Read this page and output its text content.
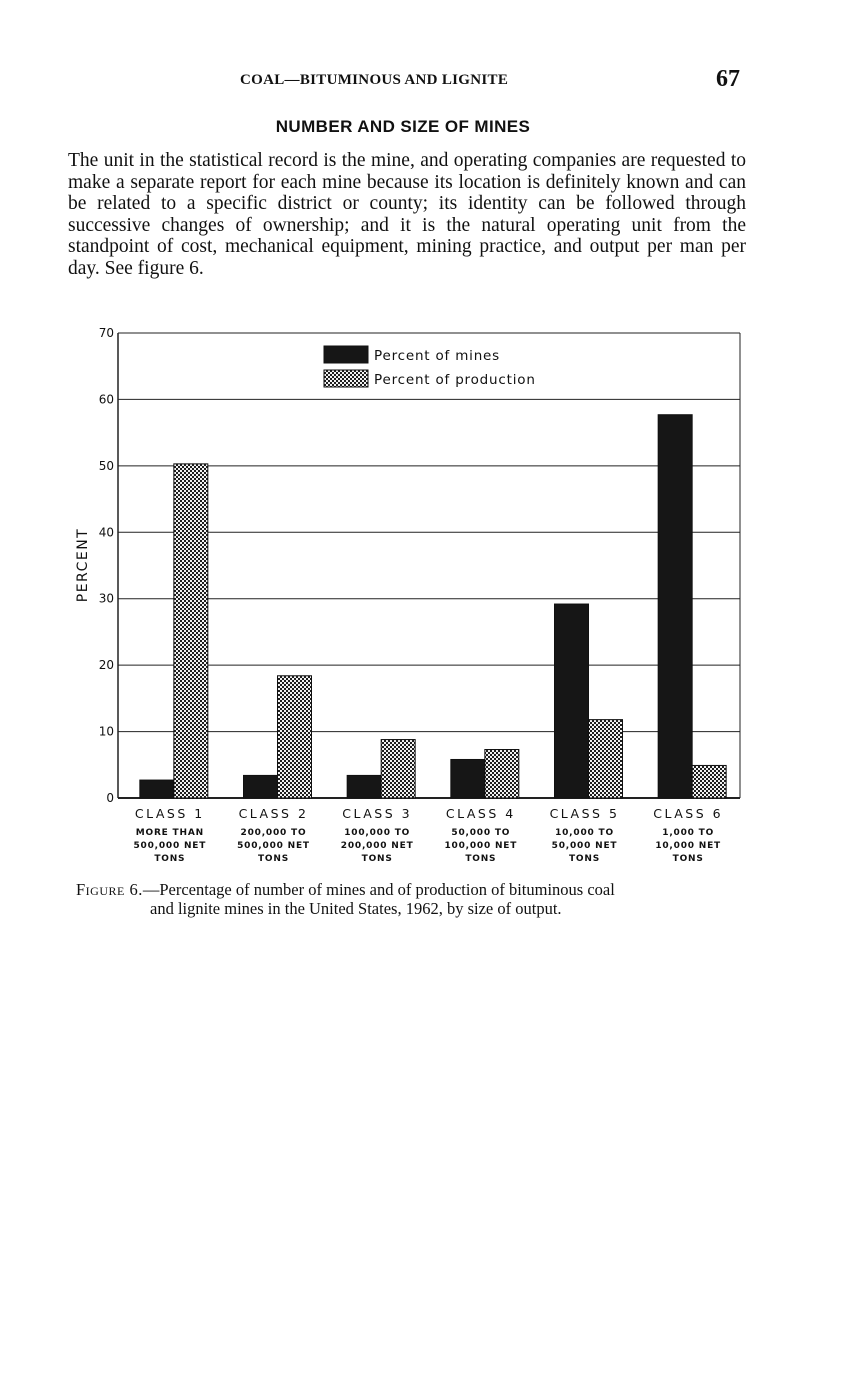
COAL—BITUMINOUS AND LIGNITE	67
NUMBER AND SIZE OF MINES

The unit in the statistical record is the mine, and operating companies are requested to make a separate report for each mine because its location is definitely known and can be related to a specific district or county; its identity can be followed through successive changes of ownership; and it is the natural operating unit from the standpoint of cost, mechanical equipment, mining practice, and output per man per day. See figure 6.

0
10
20
30
40
50
60
70
CLASS 1
MORE THAN
500,000 NET
TONS
CLASS 2
200,000 TO
500,000 NET
TONS
CLASS 3
100,000 TO
200,000 NET
TONS
CLASS 4
50,000 TO
100,000 NET
TONS
CLASS 5
10,000 TO
50,000 NET
TONS
CLASS 6
1,000 TO
10,000 NET
TONS
Percent of mines
Percent of production
PERCENT

Figure 6.—Percentage of number of mines and of production of bituminous coal
and lignite mines in the United States, 1962, by size of output.
